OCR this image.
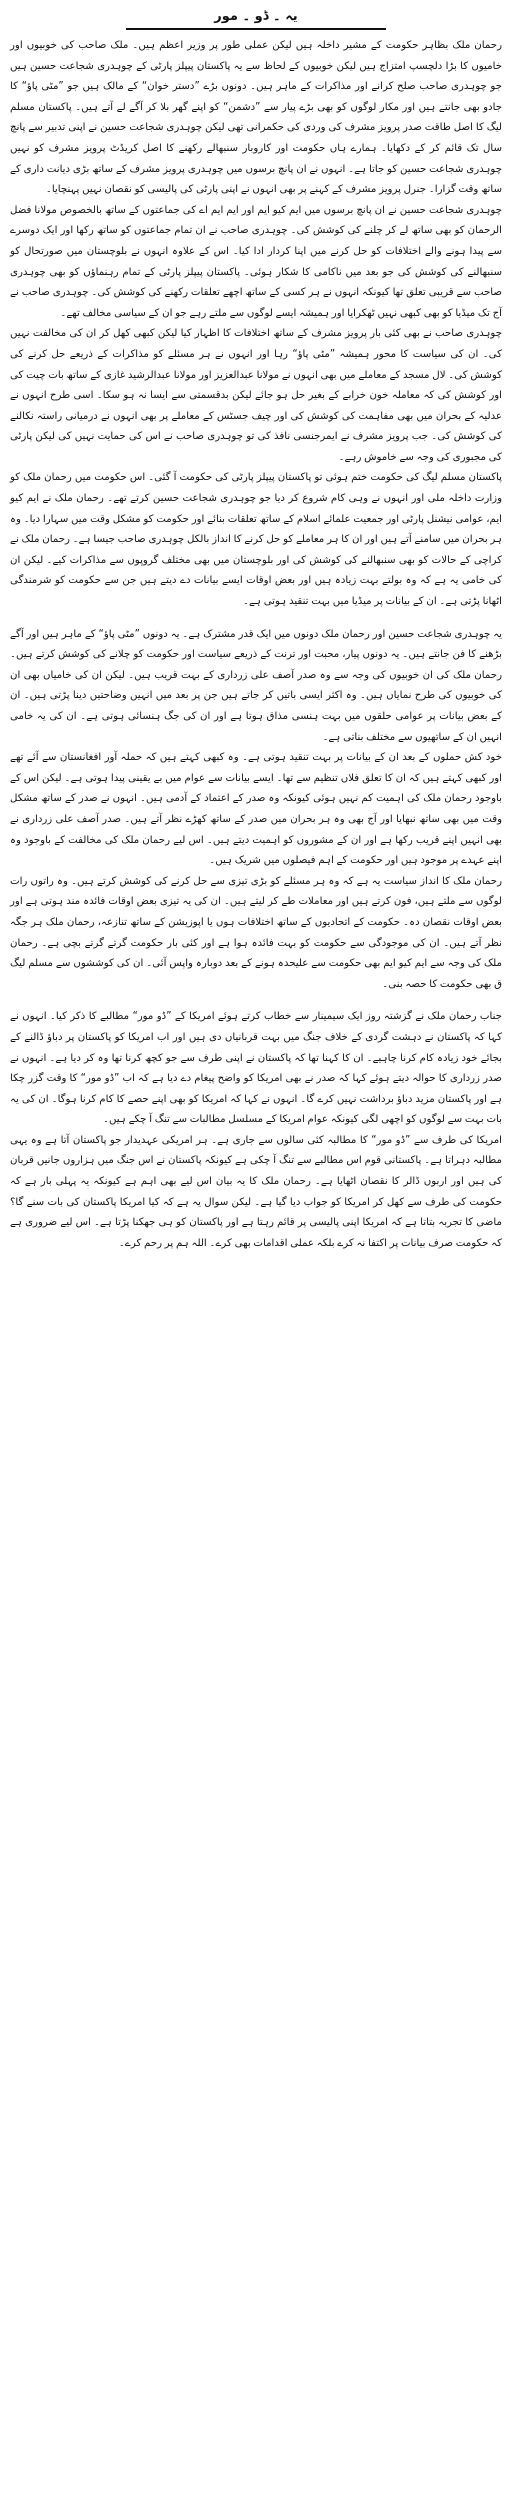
یہ ۔ ڈو ۔ مور

رحمان ملک بظاہر حکومت کے مشیر داخلہ ہیں لیکن عملی طور پر وزیر اعظم ہیں۔ ملک صاحب کی خوبیوں اور خامیوں کا بڑا دلچسپ امتزاج ہیں لیکن خوبیوں کے لحاظ سے یہ پاکستان پیپلز پارٹی کے چوہدری شجاعت حسین ہیں جو چوہدری صاحب صلح کرانے اور مذاکرات کے ماہر ہیں۔ دونوں بڑے ”دستر خوان“ کے مالک ہیں جو ”مٹی پاؤ“ کا جادو بھی جانتے ہیں اور مکار لوگوں کو بھی بڑے پیار سے ”دشمن“ کو اپنے گھر بلا کر آگے لے آتے ہیں۔ پاکستان مسلم لیگ کا اصل طاقت صدر پرویز مشرف کی وردی کی حکمرانی تھی لیکن چوہدری شجاعت حسین نے اپنی تدبیر سے پانچ سال تک قائم کر کے دکھایا۔ ہمارے ہاں حکومت اور کاروبار سنبھالے رکھنے کا اصل کریڈٹ پرویز مشرف کو نہیں چوہدری شجاعت حسین کو جاتا ہے۔ انہوں نے ان پانچ برسوں میں چوہدری پرویز مشرف کے ساتھ بڑی دیانت داری کے ساتھ وقت گزارا۔ جنرل پرویز مشرف کے کہنے پر بھی انہوں نے اپنی پارٹی کی پالیسی کو نقصان نہیں پہنچایا۔

چوہدری شجاعت حسین نے ان پانچ برسوں میں ایم کیو ایم اور ایم ایم اے کی جماعتوں کے ساتھ بالخصوص مولانا فضل الرحمان کو بھی ساتھ لے کر چلنے کی کوشش کی۔ چوہدری صاحب نے ان تمام جماعتوں کو ساتھ رکھا اور ایک دوسرے سے پیدا ہونے والے اختلافات کو حل کرنے میں اپنا کردار ادا کیا۔ اس کے علاوہ انہوں نے بلوچستان میں صورتحال کو سنبھالنے کی کوشش کی جو بعد میں ناکامی کا شکار ہوئی۔ پاکستان پیپلز پارٹی کے تمام رہنماؤں کو بھی چوہدری صاحب سے قریبی تعلق تھا کیونکہ انہوں نے ہر کسی کے ساتھ اچھے تعلقات رکھنے کی کوشش کی۔ چوہدری صاحب نے آج تک میڈیا کو بھی کبھی نہیں ٹھکرایا اور ہمیشہ ایسے لوگوں سے ملتے رہے جو ان کے سیاسی مخالف تھے۔

چوہدری صاحب نے بھی کئی بار پرویز مشرف کے ساتھ اختلافات کا اظہار کیا لیکن کبھی کھل کر ان کی مخالفت نہیں کی۔ ان کی سیاست کا محور ہمیشہ ”مٹی پاؤ“ رہا اور انہوں نے ہر مسئلے کو مذاکرات کے ذریعے حل کرنے کی کوشش کی۔ لال مسجد کے معاملے میں بھی انہوں نے مولانا عبدالعزیز اور مولانا عبدالرشید غازی کے ساتھ بات چیت کی اور کوشش کی کہ معاملہ خون خرابے کے بغیر حل ہو جائے لیکن بدقسمتی سے ایسا نہ ہو سکا۔ اسی طرح انہوں نے عدلیہ کے بحران میں بھی مفاہمت کی کوشش کی اور چیف جسٹس کے معاملے پر بھی انہوں نے درمیانی راستہ نکالنے کی کوشش کی۔ جب پرویز مشرف نے ایمرجنسی نافذ کی تو چوہدری صاحب نے اس کی حمایت نہیں کی لیکن پارٹی کی مجبوری کی وجہ سے خاموش رہے۔

پاکستان مسلم لیگ کی حکومت ختم ہوئی تو پاکستان پیپلز پارٹی کی حکومت آ گئی۔ اس حکومت میں رحمان ملک کو وزارت داخلہ ملی اور انہوں نے وہی کام شروع کر دیا جو چوہدری شجاعت حسین کرتے تھے۔ رحمان ملک نے ایم کیو ایم، عوامی نیشنل پارٹی اور جمعیت علمائے اسلام کے ساتھ تعلقات بنائے اور حکومت کو مشکل وقت میں سہارا دیا۔ وہ ہر بحران میں سامنے آتے ہیں اور ان کا ہر معاملے کو حل کرنے کا انداز بالکل چوہدری صاحب جیسا ہے۔ رحمان ملک نے کراچی کے حالات کو بھی سنبھالنے کی کوشش کی اور بلوچستان میں بھی مختلف گروپوں سے مذاکرات کیے۔ لیکن ان کی خامی یہ ہے کہ وہ بولتے بہت زیادہ ہیں اور بعض اوقات ایسے بیانات دے دیتے ہیں جن سے حکومت کو شرمندگی اٹھانا پڑتی ہے۔ ان کے بیانات پر میڈیا میں بہت تنقید ہوتی ہے۔

یہ چوہدری شجاعت حسین اور رحمان ملک دونوں میں ایک قدر مشترک ہے۔ یہ دونوں ”مٹی پاؤ“ کے ماہر ہیں اور آگے بڑھنے کا فن جانتے ہیں۔ یہ دونوں پیار، محبت اور ترنت کے ذریعے سیاست اور حکومت کو چلانے کی کوشش کرتے ہیں۔ رحمان ملک کی ان خوبیوں کی وجہ سے وہ صدر آصف علی زرداری کے بہت قریب ہیں۔ لیکن ان کی خامیاں بھی ان کی خوبیوں کی طرح نمایاں ہیں۔ وہ اکثر ایسی باتیں کر جاتے ہیں جن پر بعد میں انہیں وضاحتیں دینا پڑتی ہیں۔ ان کے بعض بیانات پر عوامی حلقوں میں بہت ہنسی مذاق ہوتا ہے اور ان کی جگ ہنسائی ہوتی ہے۔ ان کی یہ خامی انہیں ان کے ساتھیوں سے مختلف بناتی ہے۔

خود کش حملوں کے بعد ان کے بیانات پر بہت تنقید ہوتی ہے۔ وہ کبھی کہتے ہیں کہ حملہ آور افغانستان سے آئے تھے اور کبھی کہتے ہیں کہ ان کا تعلق فلاں تنظیم سے تھا۔ ایسے بیانات سے عوام میں بے یقینی پیدا ہوتی ہے۔ لیکن اس کے باوجود رحمان ملک کی اہمیت کم نہیں ہوئی کیونکہ وہ صدر کے اعتماد کے آدمی ہیں۔ انہوں نے صدر کے ساتھ مشکل وقت میں بھی ساتھ نبھایا اور آج بھی وہ ہر بحران میں صدر کے ساتھ کھڑے نظر آتے ہیں۔ صدر آصف علی زرداری نے بھی انہیں اپنے قریب رکھا ہے اور ان کے مشوروں کو اہمیت دیتے ہیں۔ اس لیے رحمان ملک کی مخالفت کے باوجود وہ اپنے عہدے پر موجود ہیں اور حکومت کے اہم فیصلوں میں شریک ہیں۔

رحمان ملک کا انداز سیاست یہ ہے کہ وہ ہر مسئلے کو بڑی تیزی سے حل کرنے کی کوشش کرتے ہیں۔ وہ راتوں رات لوگوں سے ملتے ہیں، فون کرتے ہیں اور معاملات طے کر لیتے ہیں۔ ان کی یہ تیزی بعض اوقات فائدہ مند ہوتی ہے اور بعض اوقات نقصان دہ۔ حکومت کے اتحادیوں کے ساتھ اختلافات ہوں یا اپوزیشن کے ساتھ تنازعہ، رحمان ملک ہر جگہ نظر آتے ہیں۔ ان کی موجودگی سے حکومت کو بہت فائدہ ہوا ہے اور کئی بار حکومت گرتے گرتے بچی ہے۔ رحمان ملک کی وجہ سے ایم کیو ایم بھی حکومت سے علیحدہ ہونے کے بعد دوبارہ واپس آئی۔ ان کی کوششوں سے مسلم لیگ ق بھی حکومت کا حصہ بنی۔

جناب رحمان ملک نے گزشتہ روز ایک سیمینار سے خطاب کرتے ہوئے امریکا کے ”ڈو مور“ مطالبے کا ذکر کیا۔ انہوں نے کہا کہ پاکستان نے دہشت گردی کے خلاف جنگ میں بہت قربانیاں دی ہیں اور اب امریکا کو پاکستان پر دباؤ ڈالنے کے بجائے خود زیادہ کام کرنا چاہیے۔ ان کا کہنا تھا کہ پاکستان نے اپنی طرف سے جو کچھ کرنا تھا وہ کر دیا ہے۔ انہوں نے صدر زرداری کا حوالہ دیتے ہوئے کہا کہ صدر نے بھی امریکا کو واضح پیغام دے دیا ہے کہ اب ”ڈو مور“ کا وقت گزر چکا ہے اور پاکستان مزید دباؤ برداشت نہیں کرے گا۔ انہوں نے کہا کہ امریکا کو بھی اپنے حصے کا کام کرنا ہوگا۔ ان کی یہ بات بہت سے لوگوں کو اچھی لگی کیونکہ عوام امریکا کے مسلسل مطالبات سے تنگ آ چکے ہیں۔

امریکا کی طرف سے ”ڈو مور“ کا مطالبہ کئی سالوں سے جاری ہے۔ ہر امریکی عہدیدار جو پاکستان آتا ہے وہ یہی مطالبہ دہراتا ہے۔ پاکستانی قوم اس مطالبے سے تنگ آ چکی ہے کیونکہ پاکستان نے اس جنگ میں ہزاروں جانیں قربان کی ہیں اور اربوں ڈالر کا نقصان اٹھایا ہے۔ رحمان ملک کا یہ بیان اس لیے بھی اہم ہے کیونکہ یہ پہلی بار ہے کہ حکومت کی طرف سے کھل کر امریکا کو جواب دیا گیا ہے۔ لیکن سوال یہ ہے کہ کیا امریکا پاکستان کی بات سنے گا؟ ماضی کا تجربہ بتاتا ہے کہ امریکا اپنی پالیسی پر قائم رہتا ہے اور پاکستان کو ہی جھکنا پڑتا ہے۔ اس لیے ضروری ہے کہ حکومت صرف بیانات پر اکتفا نہ کرے بلکہ عملی اقدامات بھی کرے۔ اللہ ہم پر رحم کرے۔
